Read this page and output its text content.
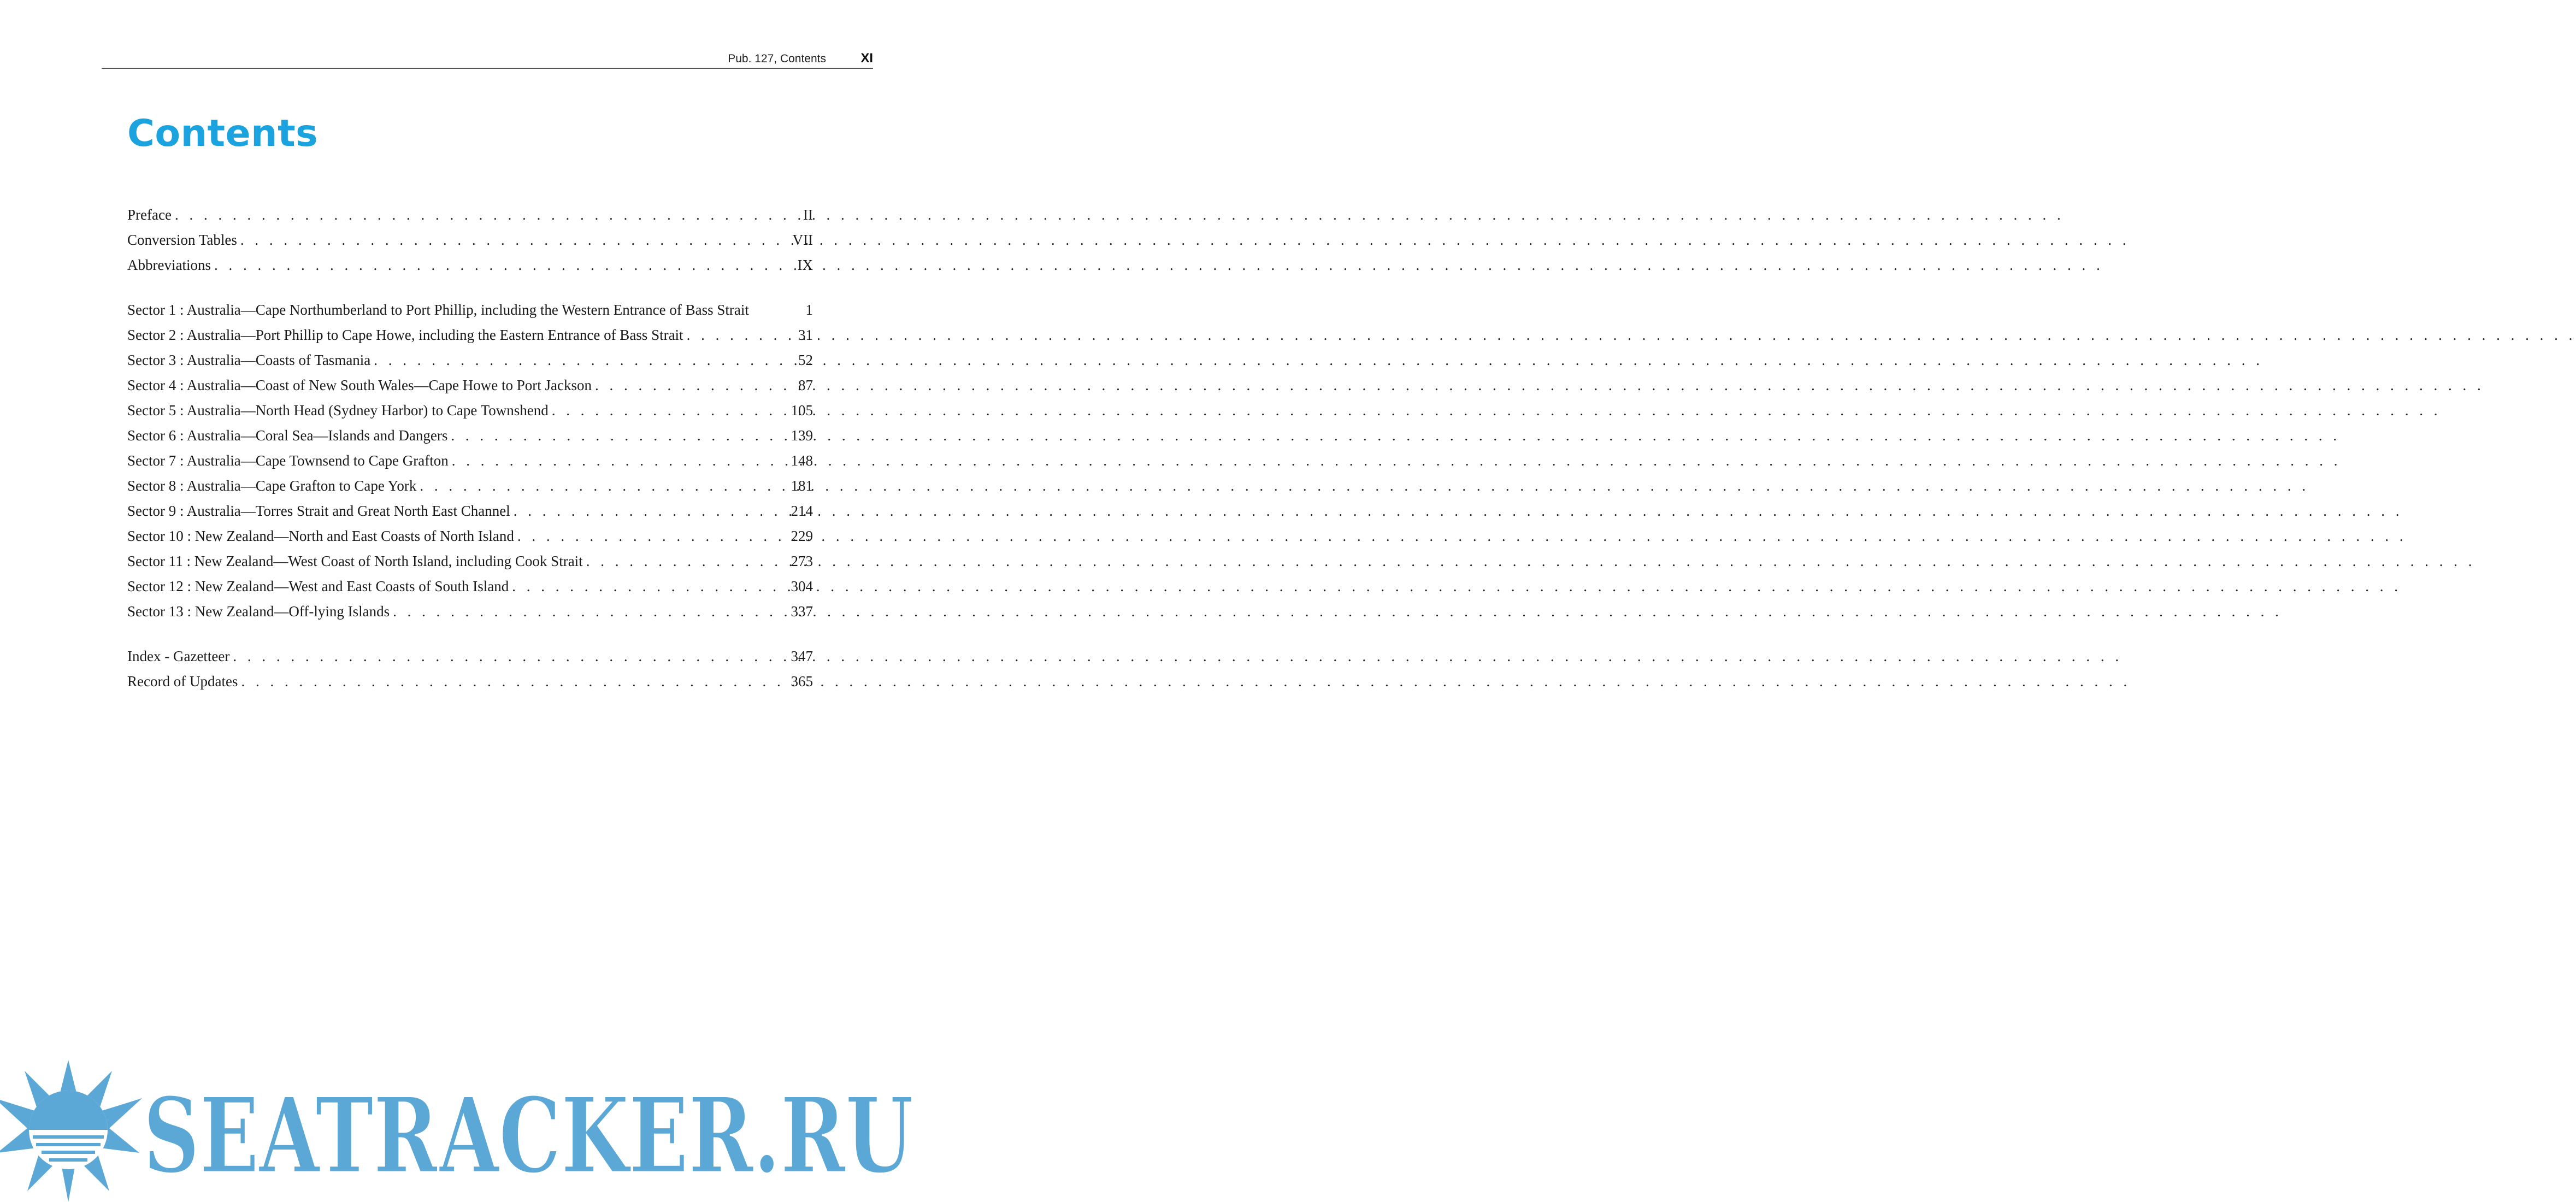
Pub. 127, Contents	XI
Contents
Preface . . .	II
Conversion Tables . . .	VII
Abbreviations . . .	IX
Sector 1 : Australia—Cape Northumberland to Port Phillip, including the Western Entrance of Bass Strait	1
Sector 2 : Australia—Port Phillip to Cape Howe, including the Eastern Entrance of Bass Strait . . .	31
Sector 3 : Australia—Coasts of Tasmania . . .	52
Sector 4 : Australia—Coast of New South Wales—Cape Howe to Port Jackson . . .	87
Sector 5 : Australia—North Head (Sydney Harbor) to Cape Townshend . . .	105
Sector 6 : Australia—Coral Sea—Islands and Dangers . . .	139
Sector 7 : Australia—Cape Townsend to Cape Grafton . . .	148
Sector 8 : Australia—Cape Grafton to Cape York . . .	181
Sector 9 : Australia—Torres Strait and Great North East Channel . . .	214
Sector 10 : New Zealand—North and East Coasts of North Island . . .	229
Sector 11 : New Zealand—West Coast of North Island, including Cook Strait . . .	273
Sector 12 : New Zealand—West and East Coasts of South Island . . .	304
Sector 13 : New Zealand—Off-lying Islands . . .	337
Index - Gazetteer . . .	347
Record of Updates . . .	365
SEATRACKER.RU
